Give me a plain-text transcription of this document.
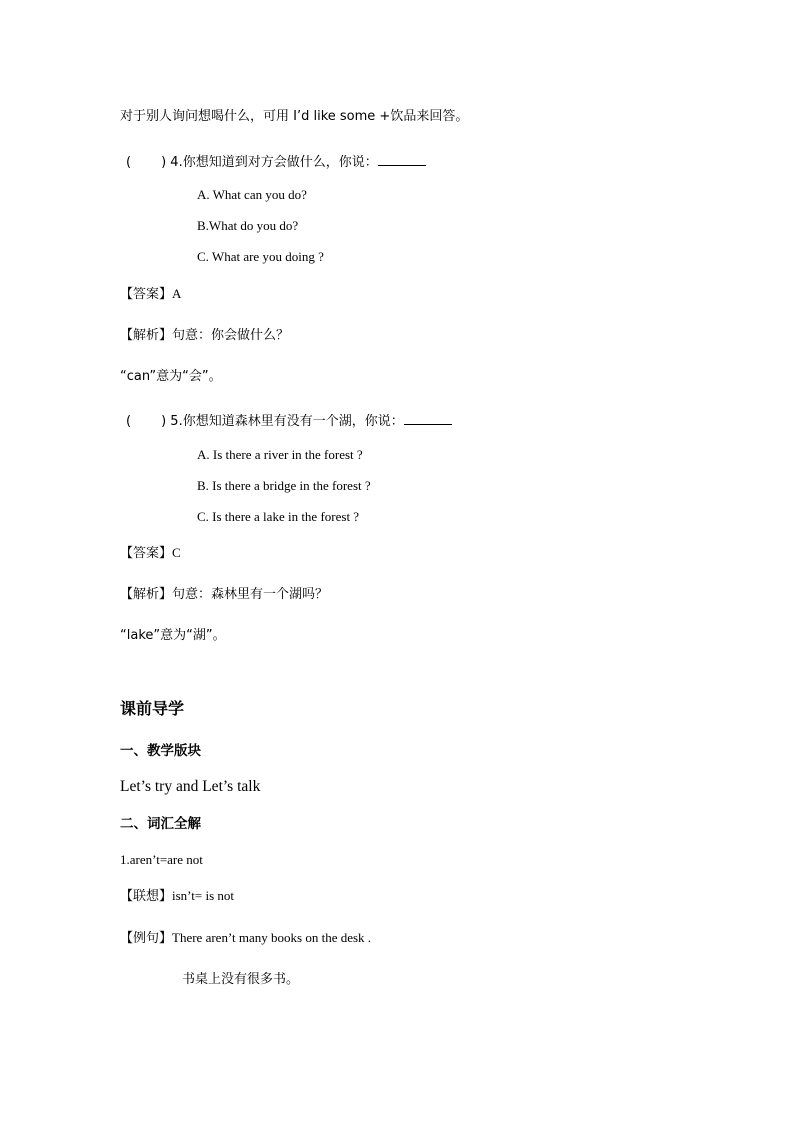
对于别人询问想喝什么，可用 I’d like some +饮品来回答。
( ) 4.你想知道到对方会做什么，你说：
A. What can you do?
B.What do you do?
C. What are you doing ?
【答案】A
【解析】句意：你会做什么？
“can”意为“会”。
( ) 5.你想知道森林里有没有一个湖，你说：
A. Is there a river in the forest ?
B. Is there a bridge in the forest ?
C. Is there a lake in the forest ?
【答案】C
【解析】句意：森林里有一个湖吗？
“lake”意为“湖”。
课前导学
一、教学版块
Let’s try and Let’s talk
二、词汇全解
1.aren’t=are not
【联想】isn’t= is not
【例句】There aren’t many books on the desk .
书桌上没有很多书。
